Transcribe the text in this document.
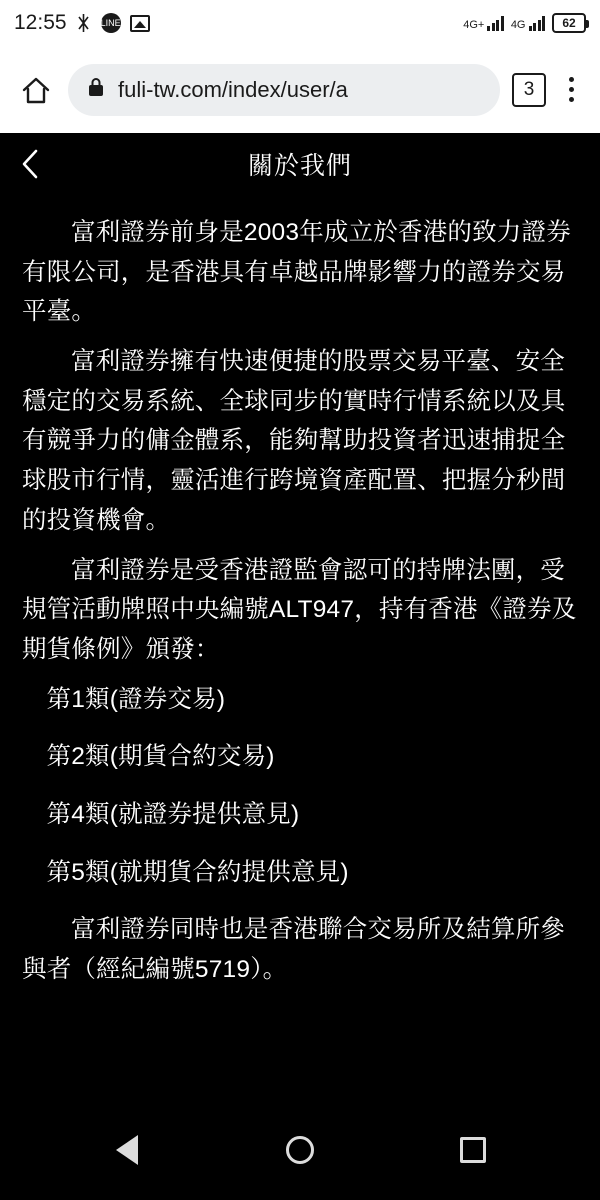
12:55	LINE	4G+ 4G	62
fuli-tw.com/index/user/a	3
關於我們

富利證券前身是2003年成立於香港的致力證券有限公司，是香港具有卓越品牌影響力的證券交易平臺。

富利證券擁有快速便捷的股票交易平臺、安全穩定的交易系統、全球同步的實時行情系統以及具有競爭力的傭金體系，能夠幫助投資者迅速捕捉全球股市行情，靈活進行跨境資產配置、把握分秒間的投資機會。

富利證券是受香港證監會認可的持牌法團，受規管活動牌照中央編號ALT947，持有香港《證券及期貨條例》頒發：

第1類(證券交易)

第2類(期貨合約交易)

第4類(就證券提供意見)

第5類(就期貨合約提供意見)

富利證券同時也是香港聯合交易所及結算所參與者（經紀編號5719）。
